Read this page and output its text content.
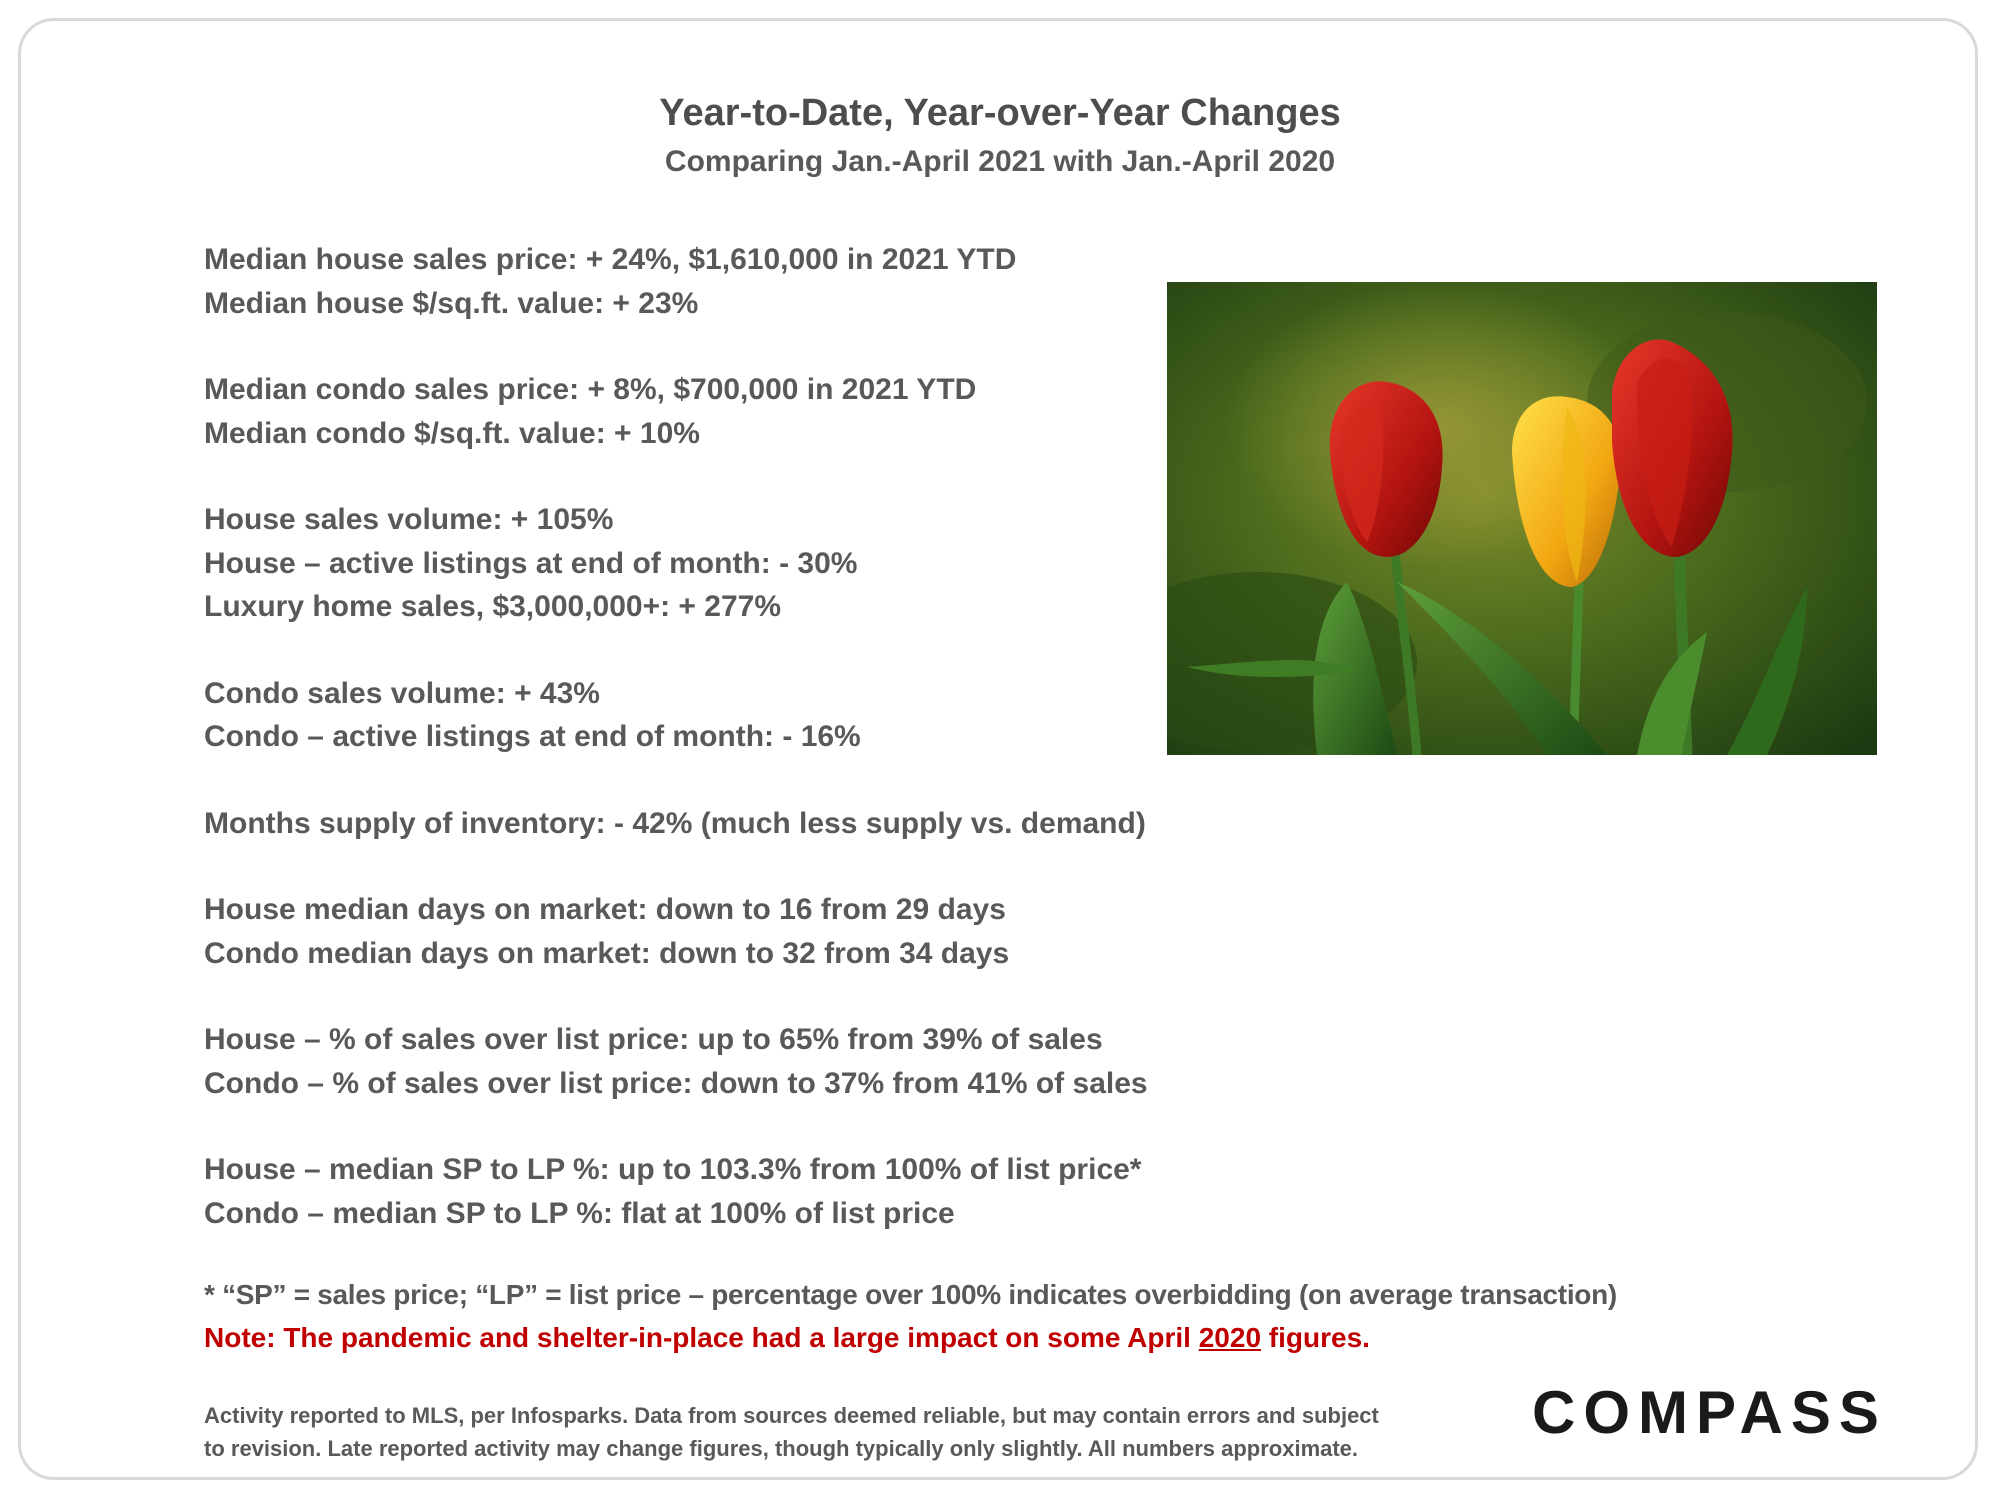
Year-to-Date, Year-over-Year Changes
Comparing Jan.-April 2021 with Jan.-April 2020
Median house sales price: + 24%, $1,610,000 in 2021 YTD
Median house $/sq.ft. value: + 23%
Median condo sales price: + 8%, $700,000 in 2021 YTD
Median condo $/sq.ft. value: + 10%
House sales volume: + 105%
House – active listings at end of month: - 30%
Luxury home sales, $3,000,000+: + 277%
Condo sales volume: + 43%
Condo – active listings at end of month: - 16%
Months supply of inventory: - 42% (much less supply vs. demand)
House median days on market: down to 16 from 29 days
Condo median days on market: down to 32 from 34 days
House – % of sales over list price: up to 65% from 39% of sales
Condo – % of sales over list price: down to 37% from 41% of sales
House – median SP to LP %: up to 103.3% from 100% of list price*
Condo – median SP to LP %: flat at 100% of list price
* “SP” = sales price; “LP” = list price – percentage over 100% indicates overbidding (on average transaction)
Note: The pandemic and shelter-in-place had a large impact on some April 2020 figures.
Activity reported to MLS, per Infosparks. Data from sources deemed reliable, but may contain errors and subject
to revision. Late reported activity may change figures, though typically only slightly. All numbers approximate.
COMPASS
